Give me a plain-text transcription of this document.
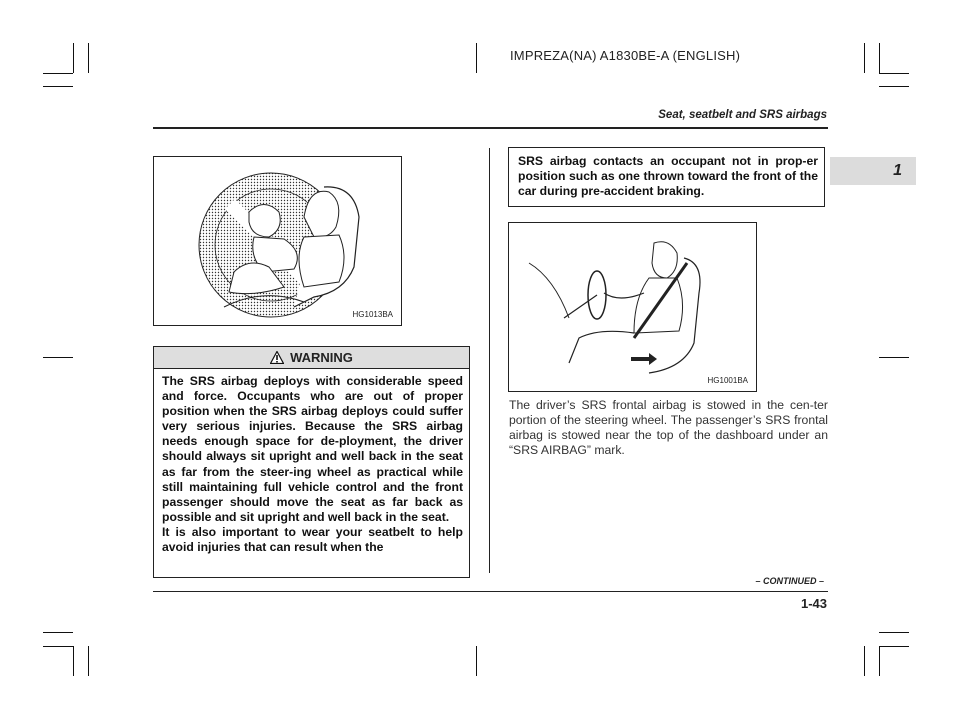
IMPREZA(NA) A1830BE-A (ENGLISH)
Seat, seatbelt and SRS airbags
1
HG1013BA
WARNING

The SRS airbag deploys with considerable speed and force. Occupants who are out of proper position when the SRS airbag deploys could suffer very serious injuries. Because the SRS airbag needs enough space for de-ployment, the driver should always sit upright and well back in the seat as far from the steer-ing wheel as practical while still maintaining full vehicle control and the front passenger should move the seat as far back as possible and sit upright and well back in the seat.

It is also important to wear your seatbelt to help avoid injuries that can result when the

SRS airbag contacts an occupant not in prop-er position such as one thrown toward the front of the car during pre-accident braking.
HG1001BA
The driver’s SRS frontal airbag is stowed in the cen-ter portion of the steering wheel. The passenger’s SRS frontal airbag is stowed near the top of the dashboard under an “SRS AIRBAG” mark.
– CONTINUED –
1-43
